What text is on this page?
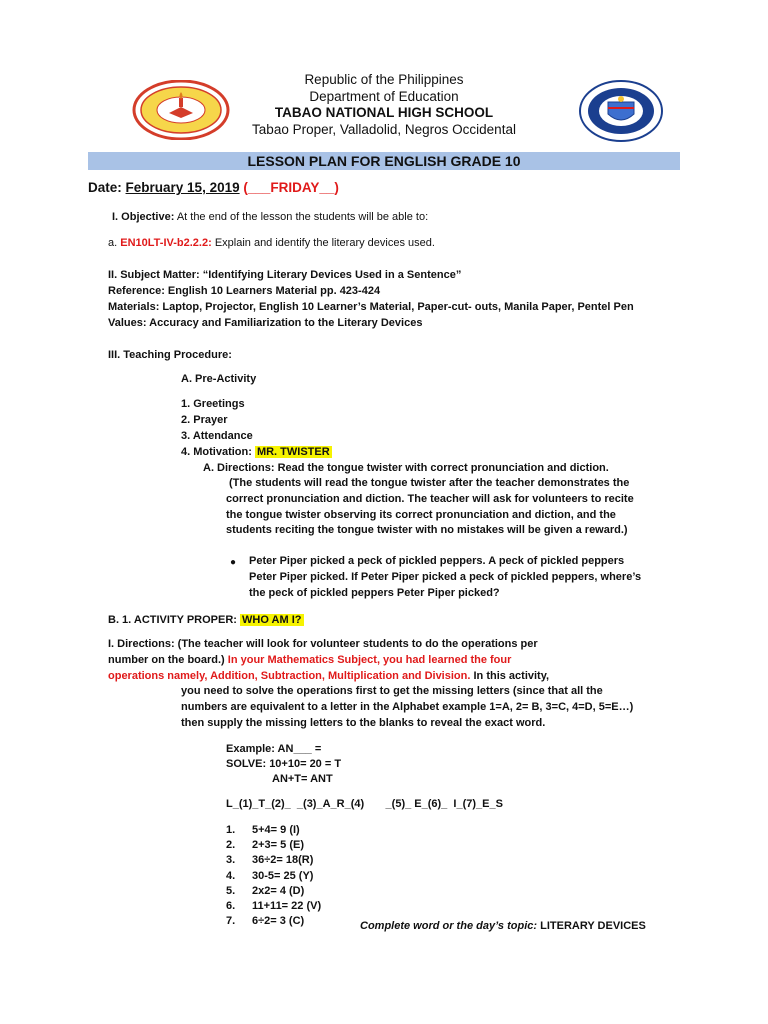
Republic of the Philippines
Department of Education
TABAO NATIONAL HIGH SCHOOL
Tabao Proper, Valladolid, Negros Occidental
LESSON PLAN FOR ENGLISH GRADE 10
Date: February 15, 2019 (___FRIDAY__)
I. Objective: At the end of the lesson the students will be able to:
a. EN10LT-IV-b2.2.2: Explain and identify the literary devices used.
II. Subject Matter: “Identifying Literary Devices Used in a Sentence”
Reference: English 10 Learners Material pp. 423-424
Materials: Laptop, Projector, English 10 Learner’s Material, Paper-cut- outs, Manila Paper, Pentel Pen
Values: Accuracy and Familiarization to the Literary Devices
III. Teaching Procedure:
A. Pre-Activity
1. Greetings
2. Prayer
3. Attendance
4. Motivation: MR. TWISTER
A. Directions: Read the tongue twister with correct pronunciation and diction.
(The students will read the tongue twister after the teacher demonstrates the
correct pronunciation and diction. The teacher will ask for volunteers to recite
the tongue twister observing its correct pronunciation and diction, and the
students reciting the tongue twister with no mistakes will be given a reward.)
● Peter Piper picked a peck of pickled peppers. A peck of pickled peppers
Peter Piper picked. If Peter Piper picked a peck of pickled peppers, where’s
the peck of pickled peppers Peter Piper picked?
B. 1. ACTIVITY PROPER: WHO AM I?
I. Directions: (The teacher will look for volunteer students to do the operations per
number on the board.) In your Mathematics Subject, you had learned the four
operations namely, Addition, Subtraction, Multiplication and Division. In this activity,
you need to solve the operations first to get the missing letters (since that all the
numbers are equivalent to a letter in the Alphabet example 1=A, 2= B, 3=C, 4=D, 5=E…)
then supply the missing letters to the blanks to reveal the exact word.
Example: AN___ =
SOLVE: 10+10= 20 = T
AN+T= ANT
L_(1)_T_(2)_  _(3)_A_R_(4)       _(5)_ E_(6)_  I_(7)_E_S
1. 5+4= 9 (I)
2. 2+3= 5 (E)
3. 36÷2= 18(R)
4. 30-5= 25 (Y)
5. 2x2= 4 (D)
6. 11+11= 22 (V)
7. 6÷2= 3 (C)	Complete word or the day’s topic: LITERARY DEVICES
